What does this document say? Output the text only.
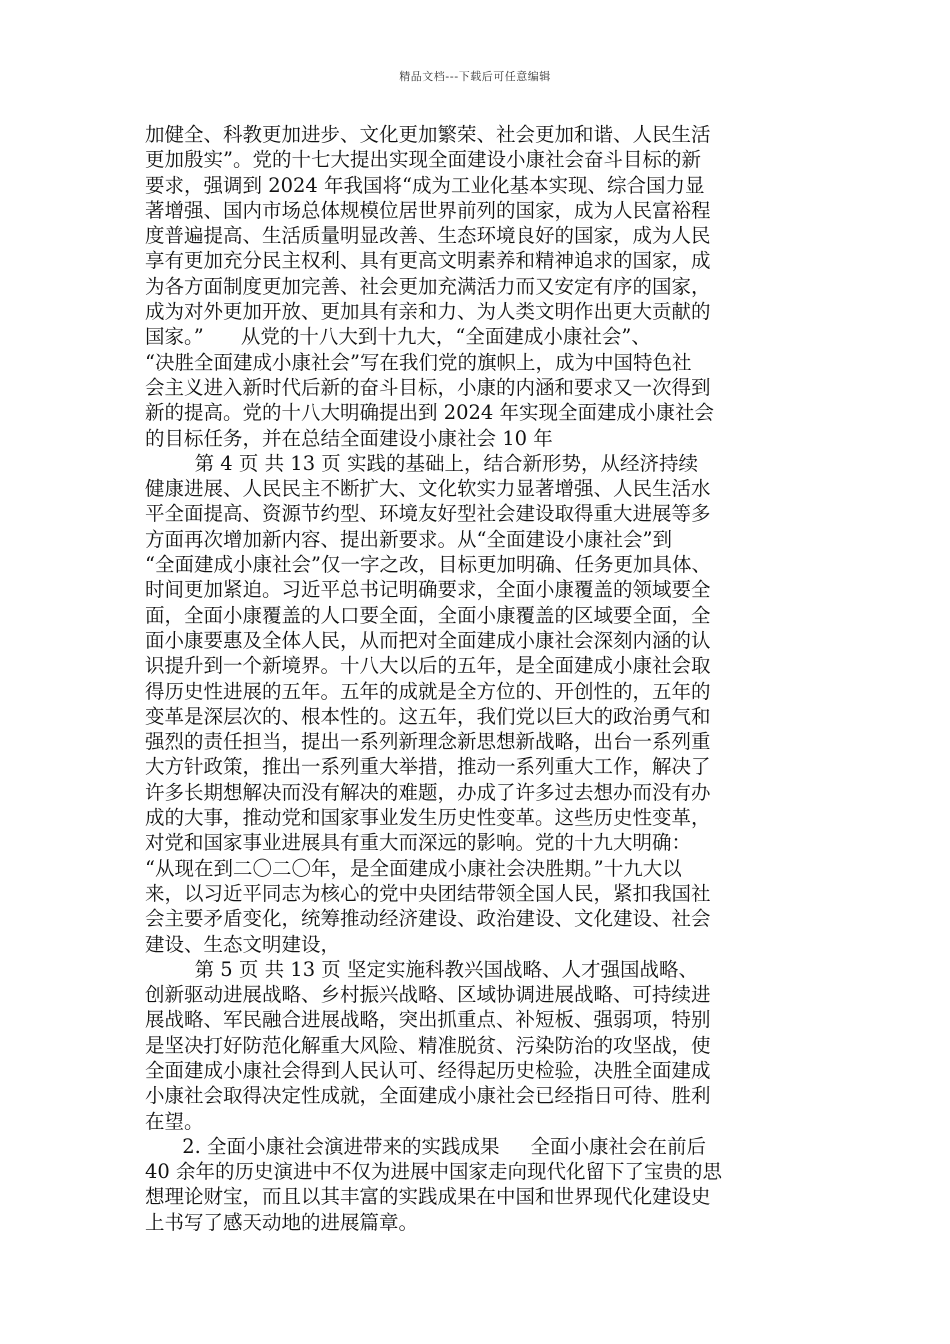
精品文档---下载后可任意编辑
加健全、科教更加进步、文化更加繁荣、社会更加和谐、人民生活
更加殷实”。党的十七大提出实现全面建设小康社会奋斗目标的新
要求，强调到 2024 年我国将“成为工业化基本实现、综合国力显
著增强、国内市场总体规模位居世界前列的国家，成为人民富裕程
度普遍提高、生活质量明显改善、生态环境良好的国家，成为人民
享有更加充分民主权利、具有更高文明素养和精神追求的国家，成
为各方面制度更加完善、社会更加充满活力而又安定有序的国家，
成为对外更加开放、更加具有亲和力、为人类文明作出更大贡献的
国家。”      从党的十八大到十九大，“全面建成小康社会”、
“决胜全面建成小康社会”写在我们党的旗帜上，成为中国特色社
会主义进入新时代后新的奋斗目标，小康的内涵和要求又一次得到
新的提高。党的十八大明确提出到 2024 年实现全面建成小康社会
的目标任务，并在总结全面建设小康社会 10 年
第 4 页 共 13 页 实践的基础上，结合新形势，从经济持续
健康进展、人民民主不断扩大、文化软实力显著增强、人民生活水
平全面提高、资源节约型、环境友好型社会建设取得重大进展等多
方面再次增加新内容、提出新要求。从“全面建设小康社会”到
“全面建成小康社会”仅一字之改，目标更加明确、任务更加具体、
时间更加紧迫。习近平总书记明确要求，全面小康覆盖的领域要全
面，全面小康覆盖的人口要全面，全面小康覆盖的区域要全面，全
面小康要惠及全体人民，从而把对全面建成小康社会深刻内涵的认
识提升到一个新境界。十八大以后的五年，是全面建成小康社会取
得历史性进展的五年。五年的成就是全方位的、开创性的，五年的
变革是深层次的、根本性的。这五年，我们党以巨大的政治勇气和
强烈的责任担当，提出一系列新理念新思想新战略，出台一系列重
大方针政策，推出一系列重大举措，推动一系列重大工作，解决了
许多长期想解决而没有解决的难题，办成了许多过去想办而没有办
成的大事，推动党和国家事业发生历史性变革。这些历史性变革，
对党和国家事业进展具有重大而深远的影响。党的十九大明确：
“从现在到二〇二〇年，是全面建成小康社会决胜期。”十九大以
来，以习近平同志为核心的党中央团结带领全国人民，紧扣我国社
会主要矛盾变化，统筹推动经济建设、政治建设、文化建设、社会
建设、生态文明建设，
第 5 页 共 13 页 坚定实施科教兴国战略、人才强国战略、
创新驱动进展战略、乡村振兴战略、区域协调进展战略、可持续进
展战略、军民融合进展战略，突出抓重点、补短板、强弱项，特别
是坚决打好防范化解重大风险、精准脱贫、污染防治的攻坚战，使
全面建成小康社会得到人民认可、经得起历史检验，决胜全面建成
小康社会取得决定性成就，全面建成小康社会已经指日可待、胜利
在望。
2. 全面小康社会演进带来的实践成果     全面小康社会在前后
40 余年的历史演进中不仅为进展中国家走向现代化留下了宝贵的思
想理论财宝，而且以其丰富的实践成果在中国和世界现代化建设史
上书写了感天动地的进展篇章。
